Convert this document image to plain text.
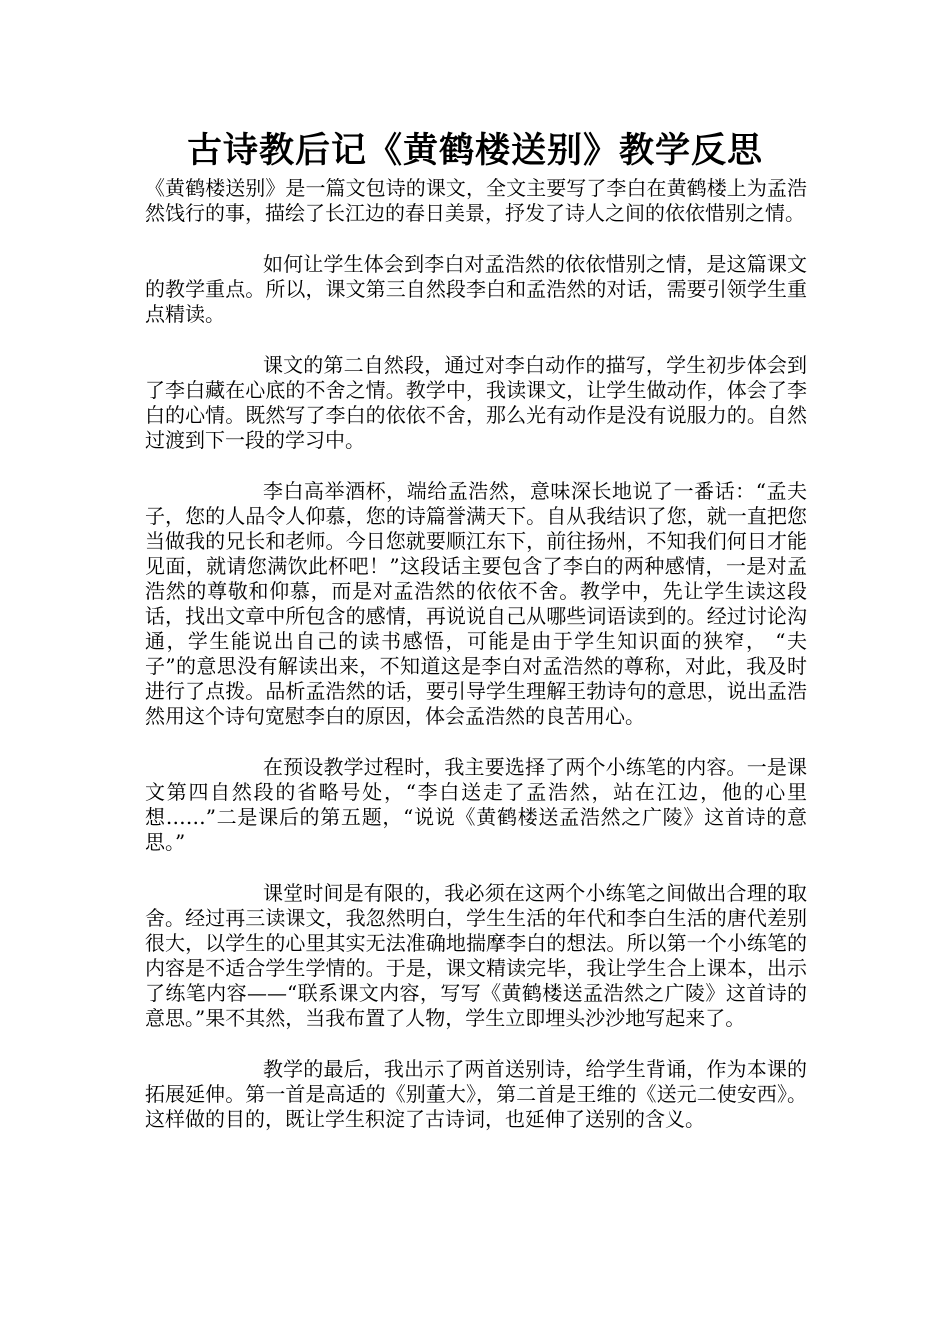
古诗教后记《黄鹤楼送别》教学反思

《黄鹤楼送别》是一篇文包诗的课文，全文主要写了李白在黄鹤楼上为孟浩然饯行的事，描绘了长江边的春日美景，抒发了诗人之间的依依惜别之情。

如何让学生体会到李白对孟浩然的依依惜别之情，是这篇课文的教学重点。所以，课文第三自然段李白和孟浩然的对话，需要引领学生重点精读。

课文的第二自然段，通过对李白动作的描写，学生初步体会到了李白藏在心底的不舍之情。教学中，我读课文，让学生做动作，体会了李白的心情。既然写了李白的依依不舍，那么光有动作是没有说服力的。自然过渡到下一段的学习中。

李白高举酒杯，端给孟浩然，意味深长地说了一番话：“孟夫子，您的人品令人仰慕，您的诗篇誉满天下。自从我结识了您，就一直把您当做我的兄长和老师。今日您就要顺江东下，前往扬州，不知我们何日才能见面，就请您满饮此杯吧！”这段话主要包含了李白的两种感情，一是对孟浩然的尊敬和仰慕，而是对孟浩然的依依不舍。教学中，先让学生读这段话，找出文章中所包含的感情，再说说自己从哪些词语读到的。经过讨论沟通，学生能说出自己的读书感悟，可能是由于学生知识面的狭窄， “夫子”的意思没有解读出来，不知道这是李白对孟浩然的尊称，对此，我及时进行了点拨。品析孟浩然的话，要引导学生理解王勃诗句的意思，说出孟浩然用这个诗句宽慰李白的原因，体会孟浩然的良苦用心。

在预设教学过程时，我主要选择了两个小练笔的内容。一是课文第四自然段的省略号处，“李白送走了孟浩然，站在江边，他的心里想……”二是课后的第五题，“说说《黄鹤楼送孟浩然之广陵》这首诗的意思。”

课堂时间是有限的，我必须在这两个小练笔之间做出合理的取舍。经过再三读课文，我忽然明白，学生生活的年代和李白生活的唐代差别很大，以学生的心里其实无法准确地揣摩李白的想法。所以第一个小练笔的内容是不适合学生学情的。于是，课文精读完毕，我让学生合上课本，出示了练笔内容——“联系课文内容，写写《黄鹤楼送孟浩然之广陵》这首诗的意思。”果不其然，当我布置了人物，学生立即埋头沙沙地写起来了。

教学的最后，我出示了两首送别诗，给学生背诵，作为本课的拓展延伸。第一首是高适的《别董大》，第二首是王维的《送元二使安西》。这样做的目的，既让学生积淀了古诗词，也延伸了送别的含义。
